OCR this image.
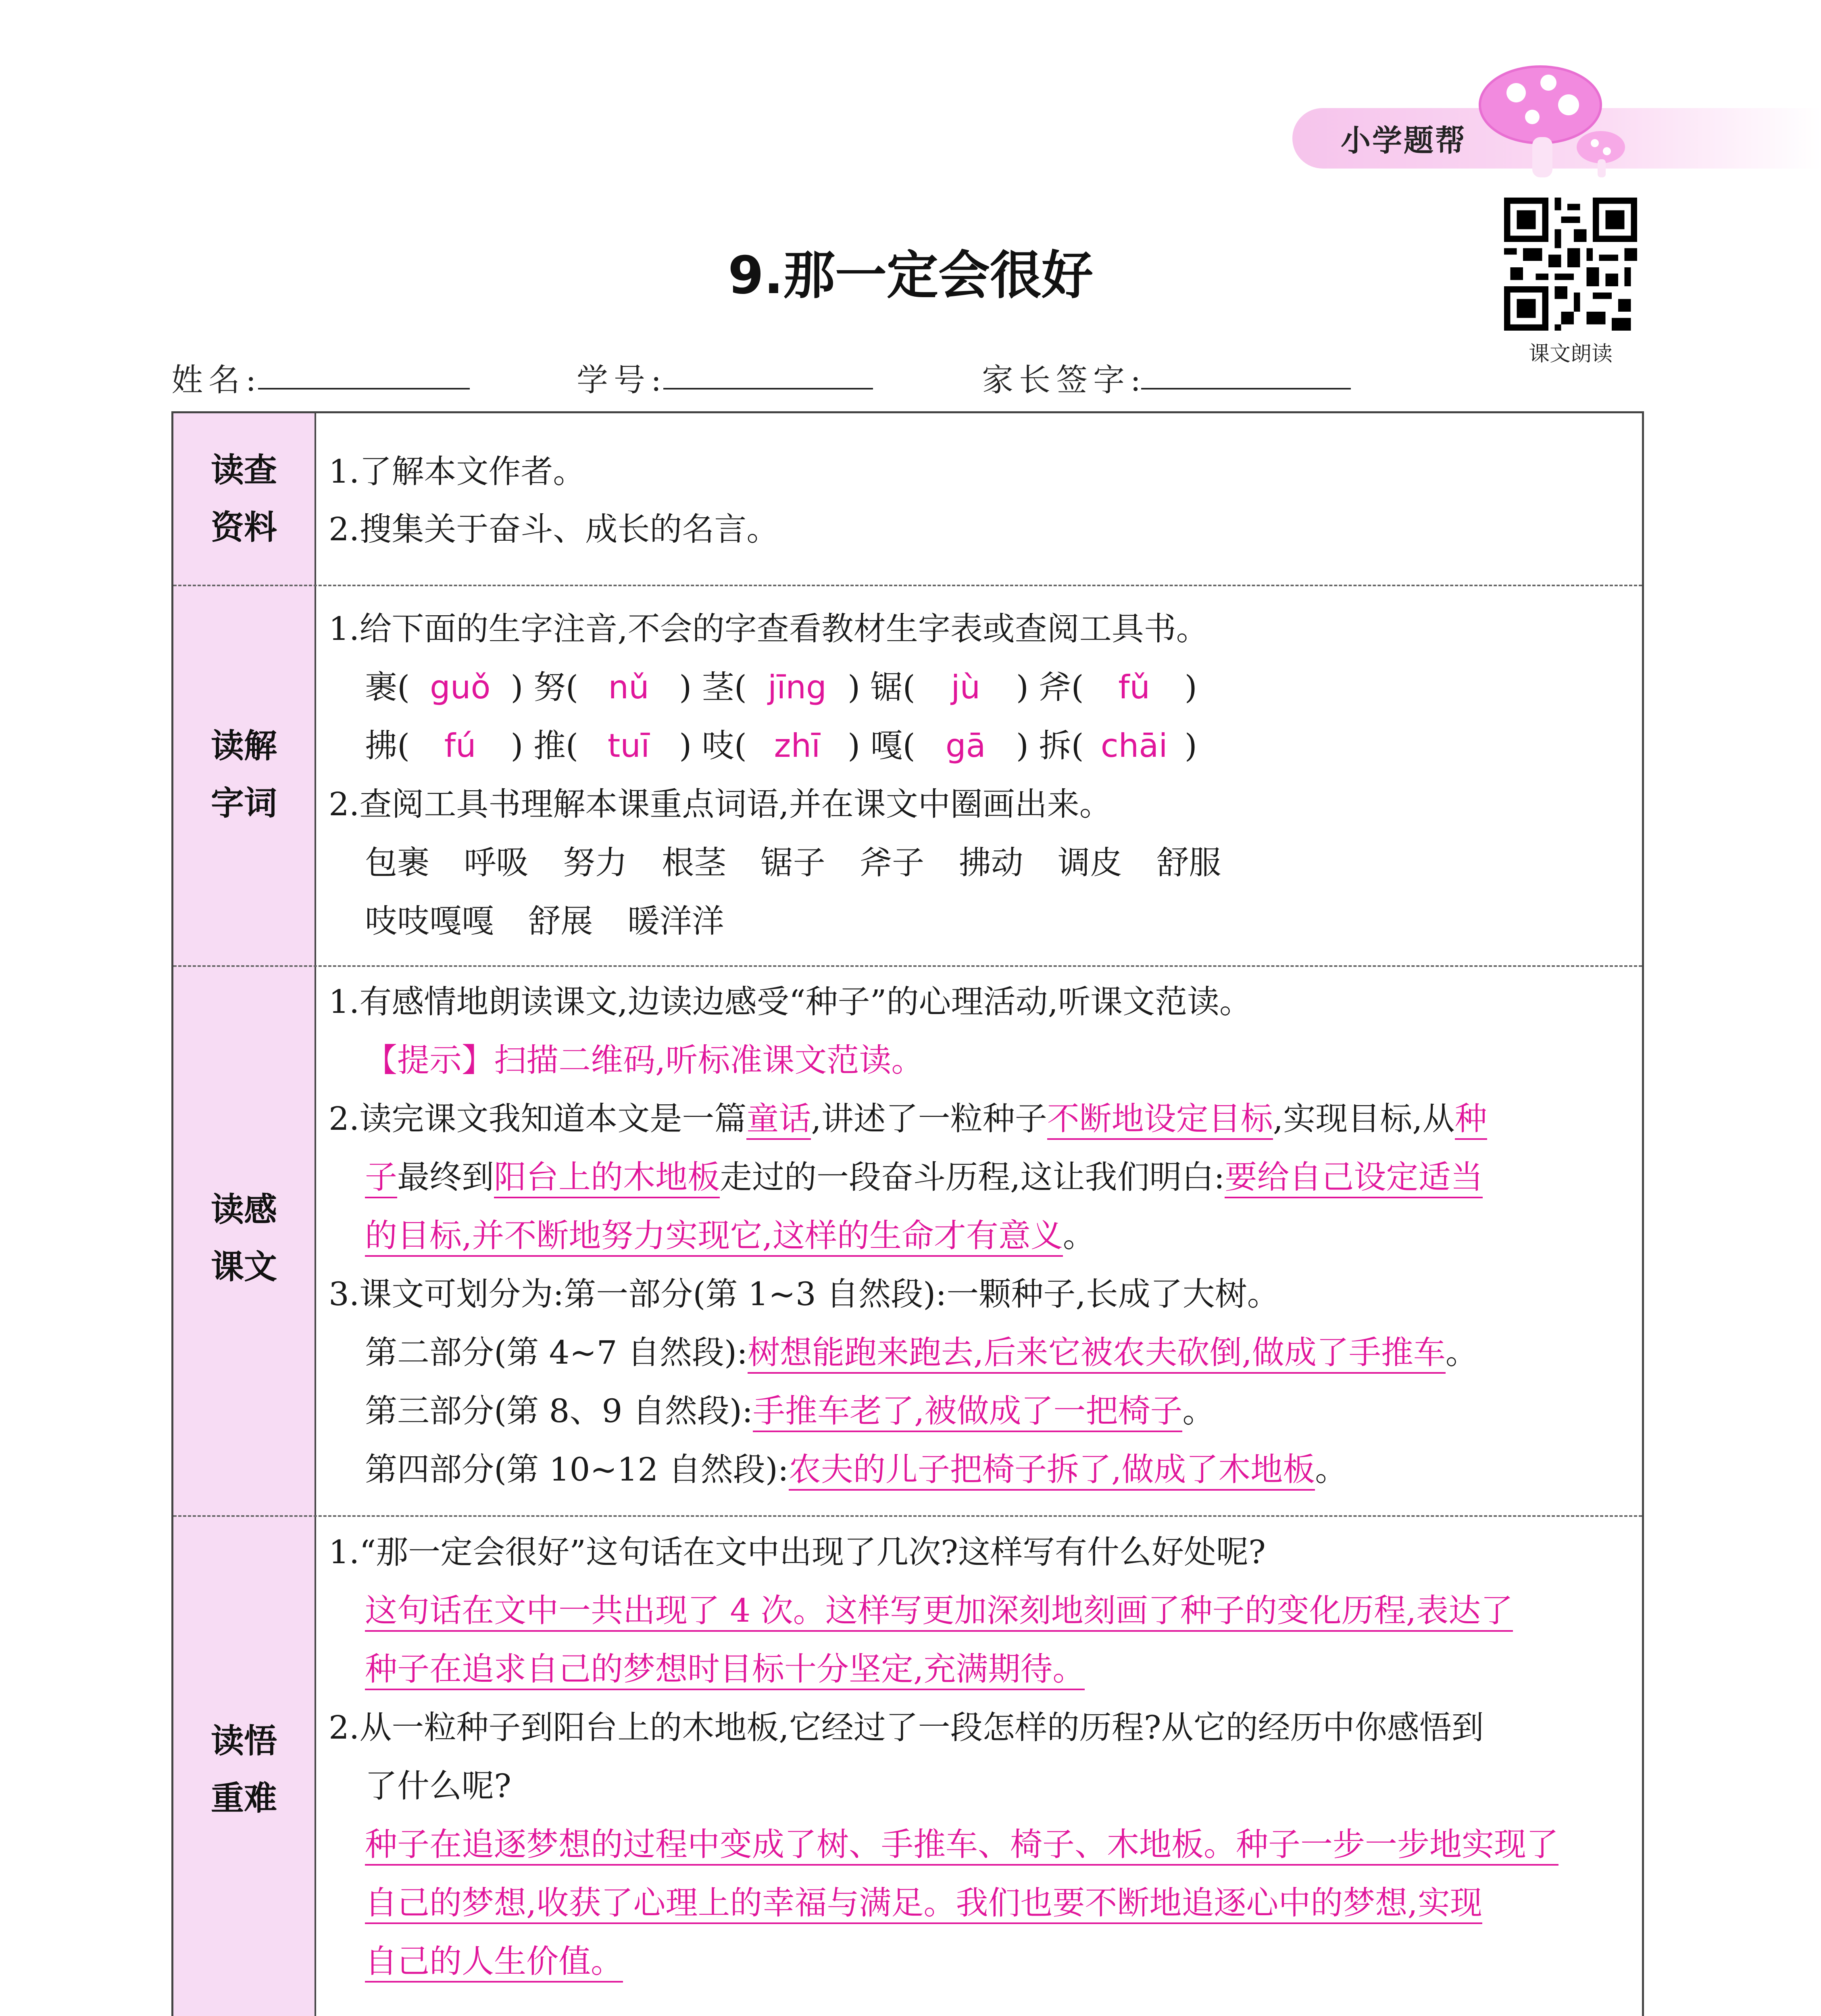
小学题帮
9.那一定会很好
课文朗读
姓名:	学号:	家长签字:
读查
资料
1.了解本文作者。
2.搜集关于奋斗、成长的名言。
读解
字词
1.给下面的生字注音,不会的字查看教材生字表或查阅工具书。
裹( guǒ ) 努( nǔ ) 茎( jīng ) 锯( jù ) 斧( fǔ )
拂( fú ) 推( tuī ) 吱( zhī ) 嘎( gā ) 拆( chāi )
2.查阅工具书理解本课重点词语,并在课文中圈画出来。
包裹 呼吸 努力 根茎 锯子 斧子 拂动 调皮 舒服
吱吱嘎嘎 舒展 暖洋洋
读感
课文
1.有感情地朗读课文,边读边感受“种子”的心理活动,听课文范读。
【提示】扫描二维码,听标准课文范读。
2.读完课文我知道本文是一篇童话,讲述了一粒种子不断地设定目标,实现目标,从种
子最终到阳台上的木地板走过的一段奋斗历程,这让我们明白:要给自己设定适当
的目标,并不断地努力实现它,这样的生命才有意义。
3.课文可划分为:第一部分(第 1~3 自然段):一颗种子,长成了大树。
第二部分(第 4~7 自然段):树想能跑来跑去,后来它被农夫砍倒,做成了手推车。
第三部分(第 8、9 自然段):手推车老了,被做成了一把椅子。
第四部分(第 10~12 自然段):农夫的儿子把椅子拆了,做成了木地板。
读悟
重难
1.“那一定会很好”这句话在文中出现了几次?这样写有什么好处呢?
这句话在文中一共出现了 4 次。这样写更加深刻地刻画了种子的变化历程,表达了
种子在追求自己的梦想时目标十分坚定,充满期待。
2.从一粒种子到阳台上的木地板,它经过了一段怎样的历程?从它的经历中你感悟到
了什么呢?
种子在追逐梦想的过程中变成了树、手推车、椅子、木地板。种子一步一步地实现了
自己的梦想,收获了心理上的幸福与满足。我们也要不断地追逐心中的梦想,实现
自己的人生价值。
